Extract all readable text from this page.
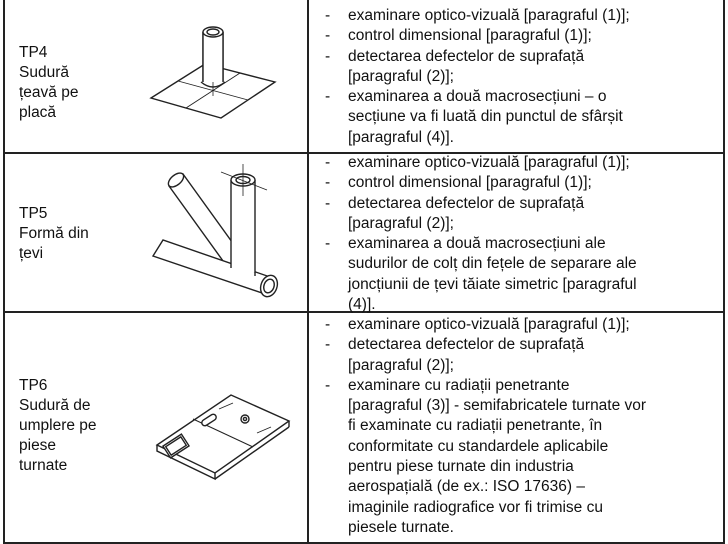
TP4
Sudură
țeavă pe
placă
- examinare optico-vizuală [paragraful (1)];
- control dimensional [paragraful (1)];
- detectarea defectelor de suprafață
[paragraful (2)];
- examinarea a două macrosecțiuni – o
secțiune va fi luată din punctul de sfârșit
[paragraful (4)].
TP5
Formă din
țevi
- examinare optico-vizuală [paragraful (1)];
- control dimensional [paragraful (1)];
- detectarea defectelor de suprafață
[paragraful (2)];
- examinarea a două macrosecțiuni ale
sudurilor de colț din fețele de separare ale
joncțiunii de țevi tăiate simetric [paragraful
(4)].
TP6
Sudură de
umplere pe
piese
turnate
- examinare optico-vizuală [paragraful (1)];
- detectarea defectelor de suprafață
[paragraful (2)];
- examinare cu radiații penetrante
[paragraful (3)] - semifabricatele turnate vor
fi examinate cu radiații penetrante, în
conformitate cu standardele aplicabile
pentru piese turnate din industria
aerospațială (de ex.: ISO 17636) –
imaginile radiografice vor fi trimise cu
piesele turnate.
